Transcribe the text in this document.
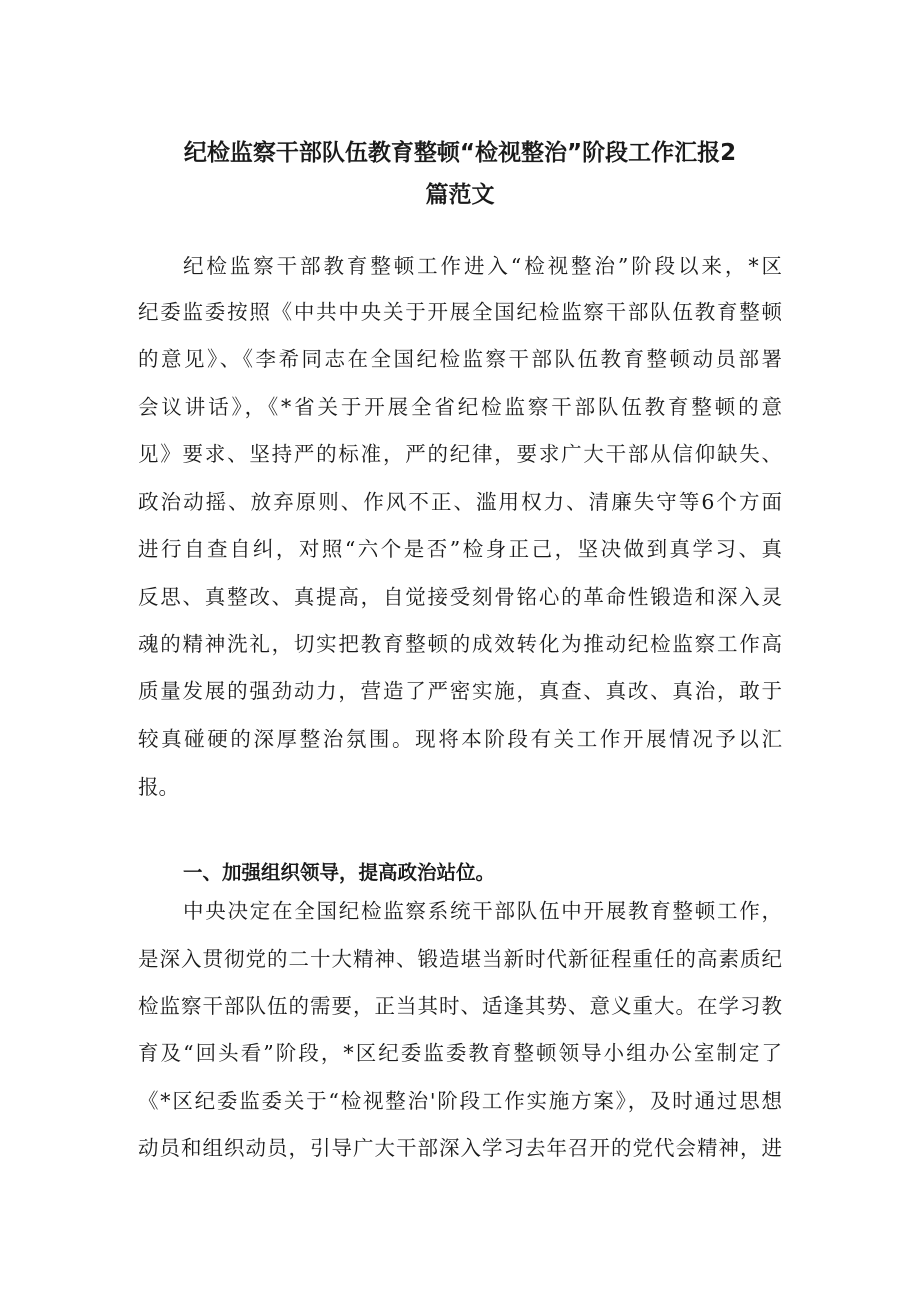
纪检监察干部队伍教育整顿“检视整治”阶段工作汇报2
篇范文
纪检监察干部教育整顿工作进入“检视整治”阶段以来，*区
纪委监委按照《中共中央关于开展全国纪检监察干部队伍教育整顿
的意见》、《李希同志在全国纪检监察干部队伍教育整顿动员部署
会议讲话》，《*省关于开展全省纪检监察干部队伍教育整顿的意
见》要求、坚持严的标准，严的纪律，要求广大干部从信仰缺失、
政治动摇、放弃原则、作风不正、滥用权力、清廉失守等6个方面
进行自查自纠，对照“六个是否”检身正己，坚决做到真学习、真
反思、真整改、真提高，自觉接受刻骨铭心的革命性锻造和深入灵
魂的精神洗礼，切实把教育整顿的成效转化为推动纪检监察工作高
质量发展的强劲动力，营造了严密实施，真查、真改、真治，敢于
较真碰硬的深厚整治氛围。现将本阶段有关工作开展情况予以汇
报。
一、加强组织领导，提高政治站位。
中央决定在全国纪检监察系统干部队伍中开展教育整顿工作，
是深入贯彻党的二十大精神、锻造堪当新时代新征程重任的高素质纪
检监察干部队伍的需要，正当其时、适逢其势、意义重大。在学习教
育及“回头看”阶段，*区纪委监委教育整顿领导小组办公室制定了
《*区纪委监委关于“检视整治'阶段工作实施方案》，及时通过思想
动员和组织动员，引导广大干部深入学习去年召开的党代会精神，进
